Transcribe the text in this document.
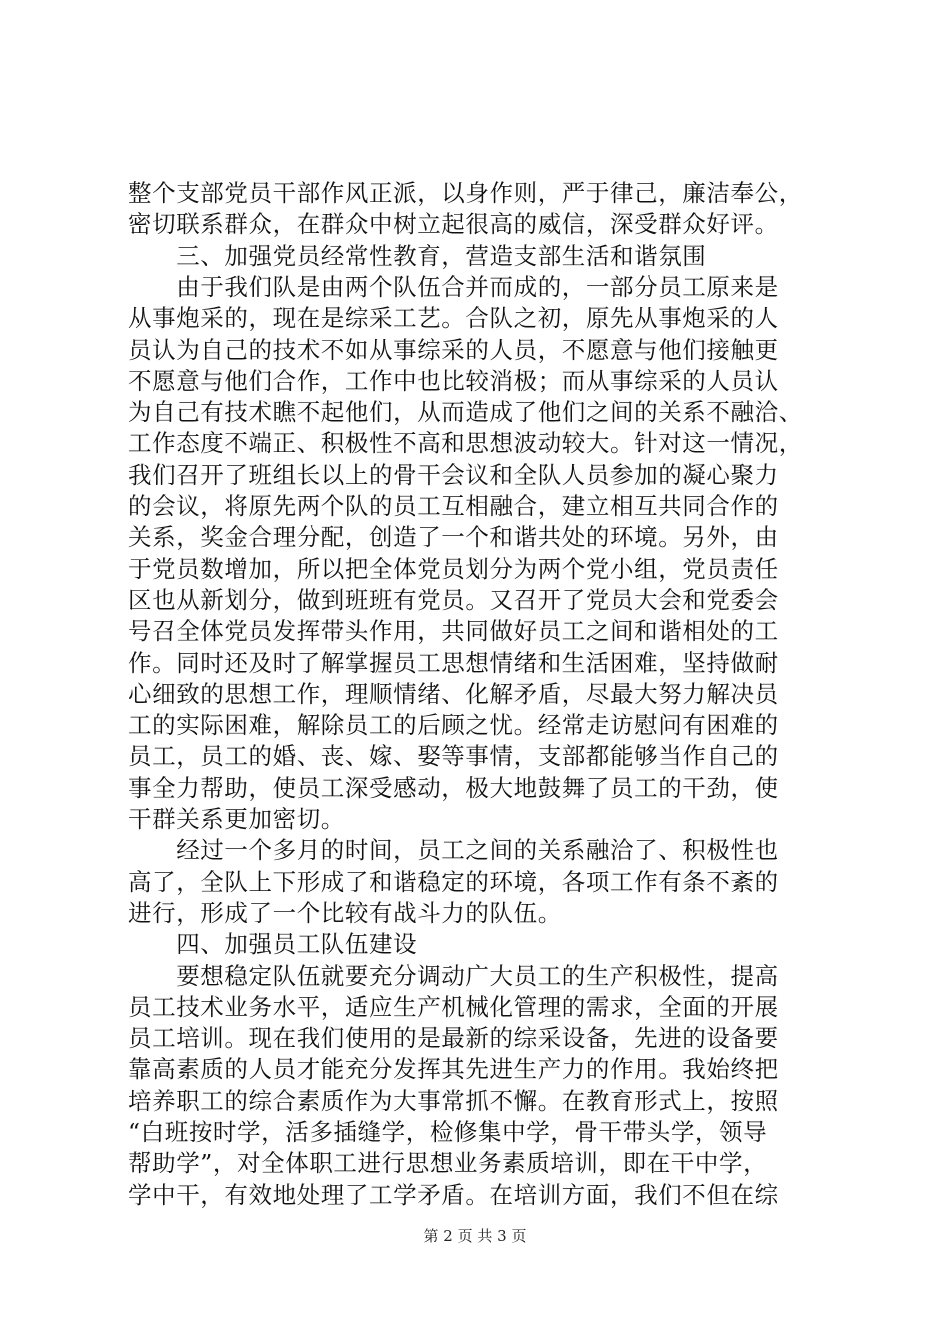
整个支部党员干部作风正派，以身作则，严于律己，廉洁奉公，
密切联系群众，在群众中树立起很高的威信，深受群众好评。
　　三、加强党员经常性教育，营造支部生活和谐氛围
　　由于我们队是由两个队伍合并而成的，一部分员工原来是
从事炮采的，现在是综采工艺。合队之初，原先从事炮采的人
员认为自己的技术不如从事综采的人员，不愿意与他们接触更
不愿意与他们合作，工作中也比较消极；而从事综采的人员认
为自己有技术瞧不起他们，从而造成了他们之间的关系不融洽、
工作态度不端正、积极性不高和思想波动较大。针对这一情况，
我们召开了班组长以上的骨干会议和全队人员参加的凝心聚力
的会议，将原先两个队的员工互相融合，建立相互共同合作的
关系，奖金合理分配，创造了一个和谐共处的环境。另外，由
于党员数增加，所以把全体党员划分为两个党小组，党员责任
区也从新划分，做到班班有党员。又召开了党员大会和党委会
号召全体党员发挥带头作用，共同做好员工之间和谐相处的工
作。同时还及时了解掌握员工思想情绪和生活困难，坚持做耐
心细致的思想工作，理顺情绪、化解矛盾，尽最大努力解决员
工的实际困难，解除员工的后顾之忧。经常走访慰问有困难的
员工，员工的婚、丧、嫁、娶等事情，支部都能够当作自己的
事全力帮助，使员工深受感动，极大地鼓舞了员工的干劲，使
干群关系更加密切。
　　经过一个多月的时间，员工之间的关系融洽了、积极性也
高了，全队上下形成了和谐稳定的环境，各项工作有条不紊的
进行，形成了一个比较有战斗力的队伍。
　　四、加强员工队伍建设
　　要想稳定队伍就要充分调动广大员工的生产积极性，提高
员工技术业务水平，适应生产机械化管理的需求，全面的开展
员工培训。现在我们使用的是最新的综采设备，先进的设备要
靠高素质的人员才能充分发挥其先进生产力的作用。我始终把
培养职工的综合素质作为大事常抓不懈。在教育形式上，按照
“白班按时学，活多插缝学，检修集中学，骨干带头学，领导
帮助学”，对全体职工进行思想业务素质培训，即在干中学，
学中干，有效地处理了工学矛盾。在培训方面，我们不但在综
第 2 页 共 3 页
